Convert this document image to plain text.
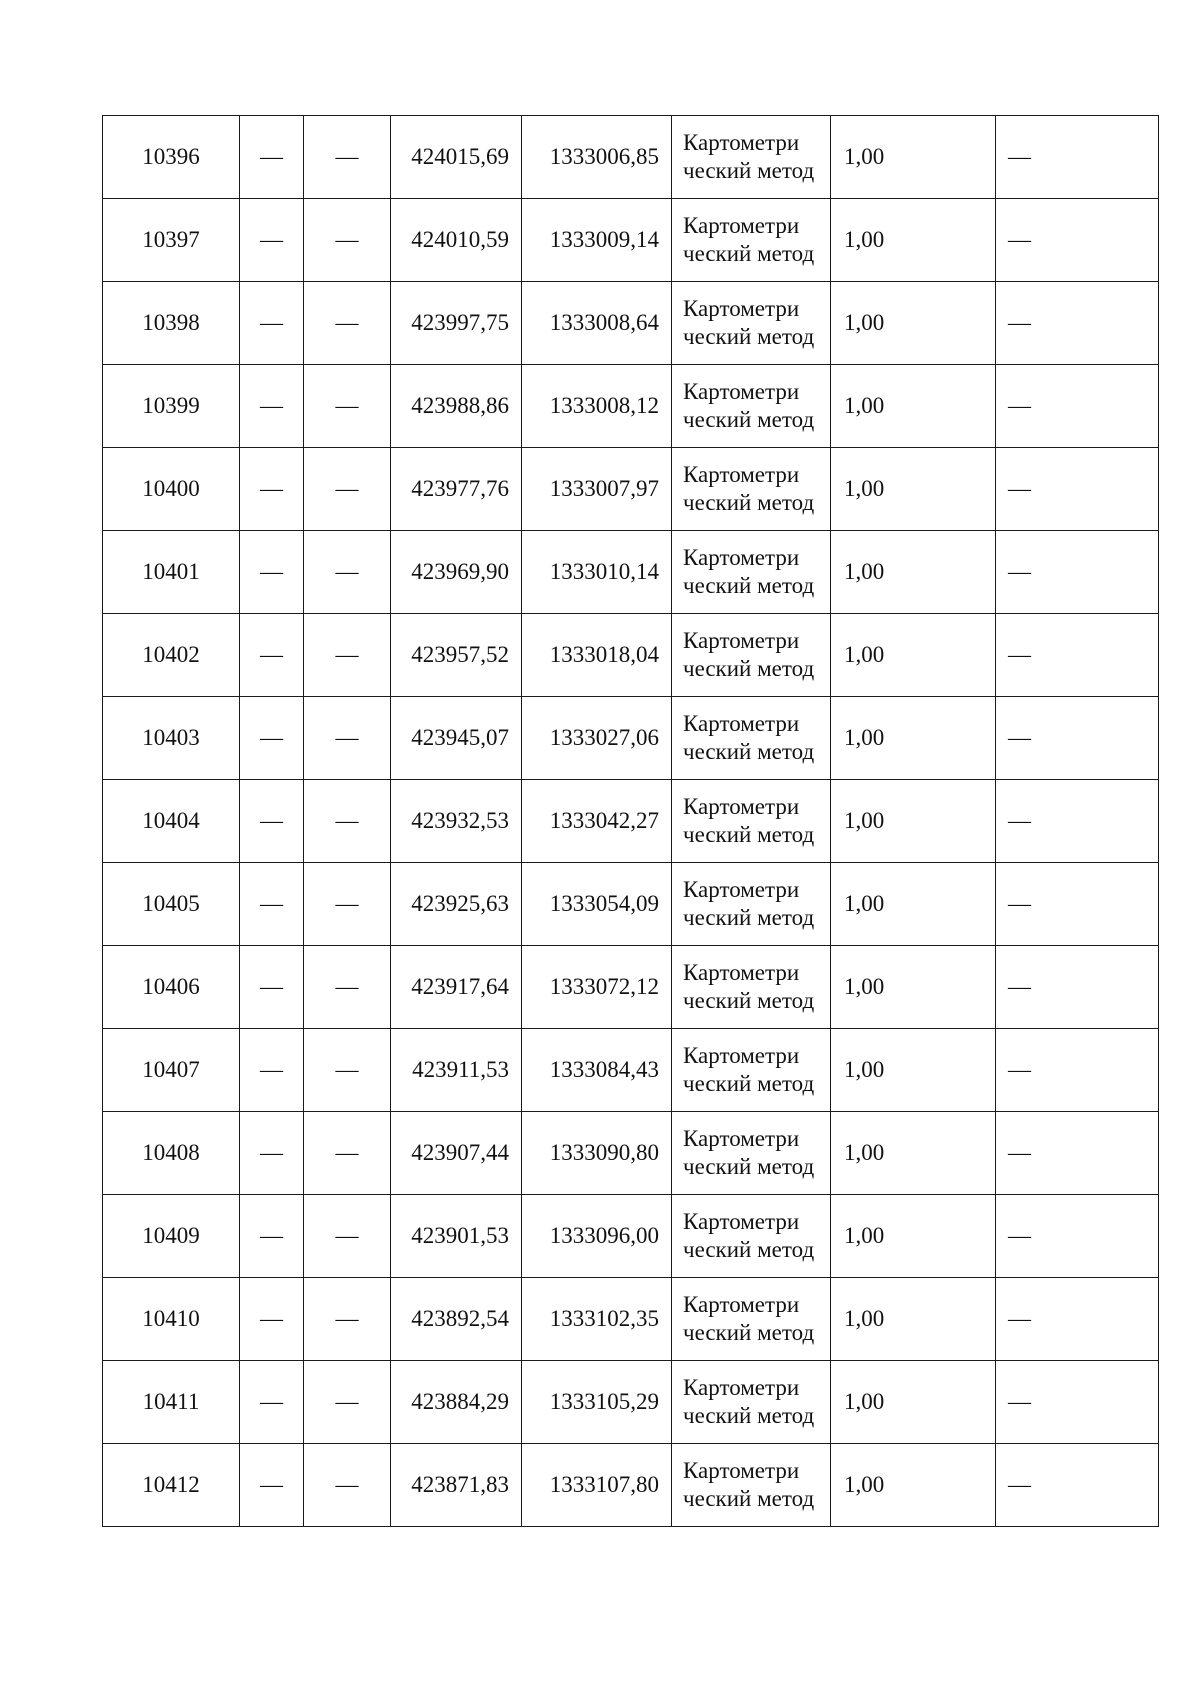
10396	—	—	424015,69	1333006,85	Картометри ческий метод	1,00	—
10397	—	—	424010,59	1333009,14	Картометри ческий метод	1,00	—
10398	—	—	423997,75	1333008,64	Картометри ческий метод	1,00	—
10399	—	—	423988,86	1333008,12	Картометри ческий метод	1,00	—
10400	—	—	423977,76	1333007,97	Картометри ческий метод	1,00	—
10401	—	—	423969,90	1333010,14	Картометри ческий метод	1,00	—
10402	—	—	423957,52	1333018,04	Картометри ческий метод	1,00	—
10403	—	—	423945,07	1333027,06	Картометри ческий метод	1,00	—
10404	—	—	423932,53	1333042,27	Картометри ческий метод	1,00	—
10405	—	—	423925,63	1333054,09	Картометри ческий метод	1,00	—
10406	—	—	423917,64	1333072,12	Картометри ческий метод	1,00	—
10407	—	—	423911,53	1333084,43	Картометри ческий метод	1,00	—
10408	—	—	423907,44	1333090,80	Картометри ческий метод	1,00	—
10409	—	—	423901,53	1333096,00	Картометри ческий метод	1,00	—
10410	—	—	423892,54	1333102,35	Картометри ческий метод	1,00	—
10411	—	—	423884,29	1333105,29	Картометри ческий метод	1,00	—
10412	—	—	423871,83	1333107,80	Картометри ческий метод	1,00	—
